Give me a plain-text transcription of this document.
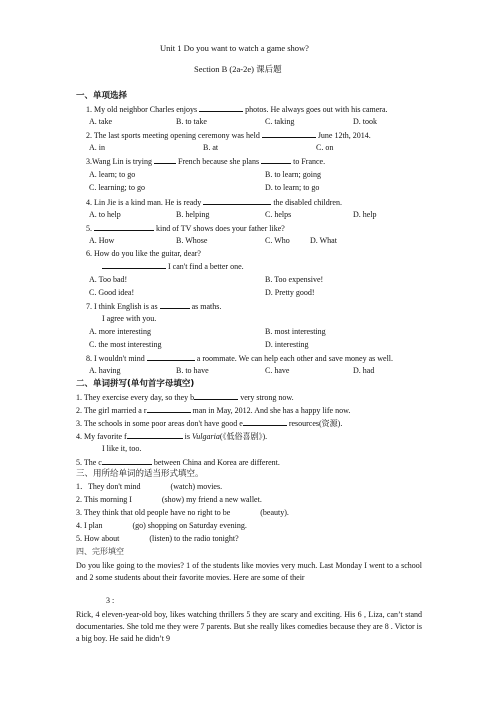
Unit 1 Do you want to watch a game show?
Section B (2a-2e) 课后题
一、单项选择
1. My old neighbor Charles enjoys	photos. He always goes out with his camera.
A. take	B. to take	C. taking	D. took
2. The last sports meeting opening ceremony was held	June 12th, 2014.
A. in	B. at	C. on
3.Wang Lin is trying	French because she plans	to France.
A. learn; to go	B. to learn; going
C. learning; to go	D. to learn; to go
4. Lin Jie is a kind man. He is ready	the disabled children.
A. to help	B. helping	C. helps	D. help
5.	kind of TV shows does your father like?
A. How	B. Whose	C. Who	D. What
6. How do you like the guitar, dear?
I can't find a better one.
A. Too bad!	B. Too expensive!
C. Good idea!	D. Pretty good!
7. I think English is as	as maths.
I agree with you.
A. more interesting	B. most interesting
C. the most interesting	D. interesting
8. I wouldn't mind	a roommate. We can help each other and save money as well.
A. having	B. to have	C. have	D. had
二、单词拼写(单句首字母填空)
1. They exercise every day, so they b	very strong now.
2. The girl married a r	man in May, 2012. And she has a happy life now.
3. The schools in some poor areas don't have good e	resources(资源).
4. My favorite f	is Vulgaria(《低俗喜剧》).
I like it, too.
5. The c	between China and Korea are different.
三、用所给单词的适当形式填空。
1．They don't mind	(watch) movies.
2. This morning I	(show) my friend a new wallet.
3. They think that old people have no right to be	(beauty).
4. I plan	(go) shopping on Saturday evening.
5. How about	(listen) to the radio tonight?
四、完形填空
Do you like going to the movies? 1 of the students like movies very much. Last Monday I went to a school and 2 some students about their favorite movies. Here are some of their
3 :
Rick, 4 eleven-year-old boy, likes watching thrillers 5 they are scary and exciting. His 6 , Liza, can’t stand documentaries. She told me they were 7 parents. But she really likes comedies because they are 8 . Victor is a big boy. He said he didn’t 9
